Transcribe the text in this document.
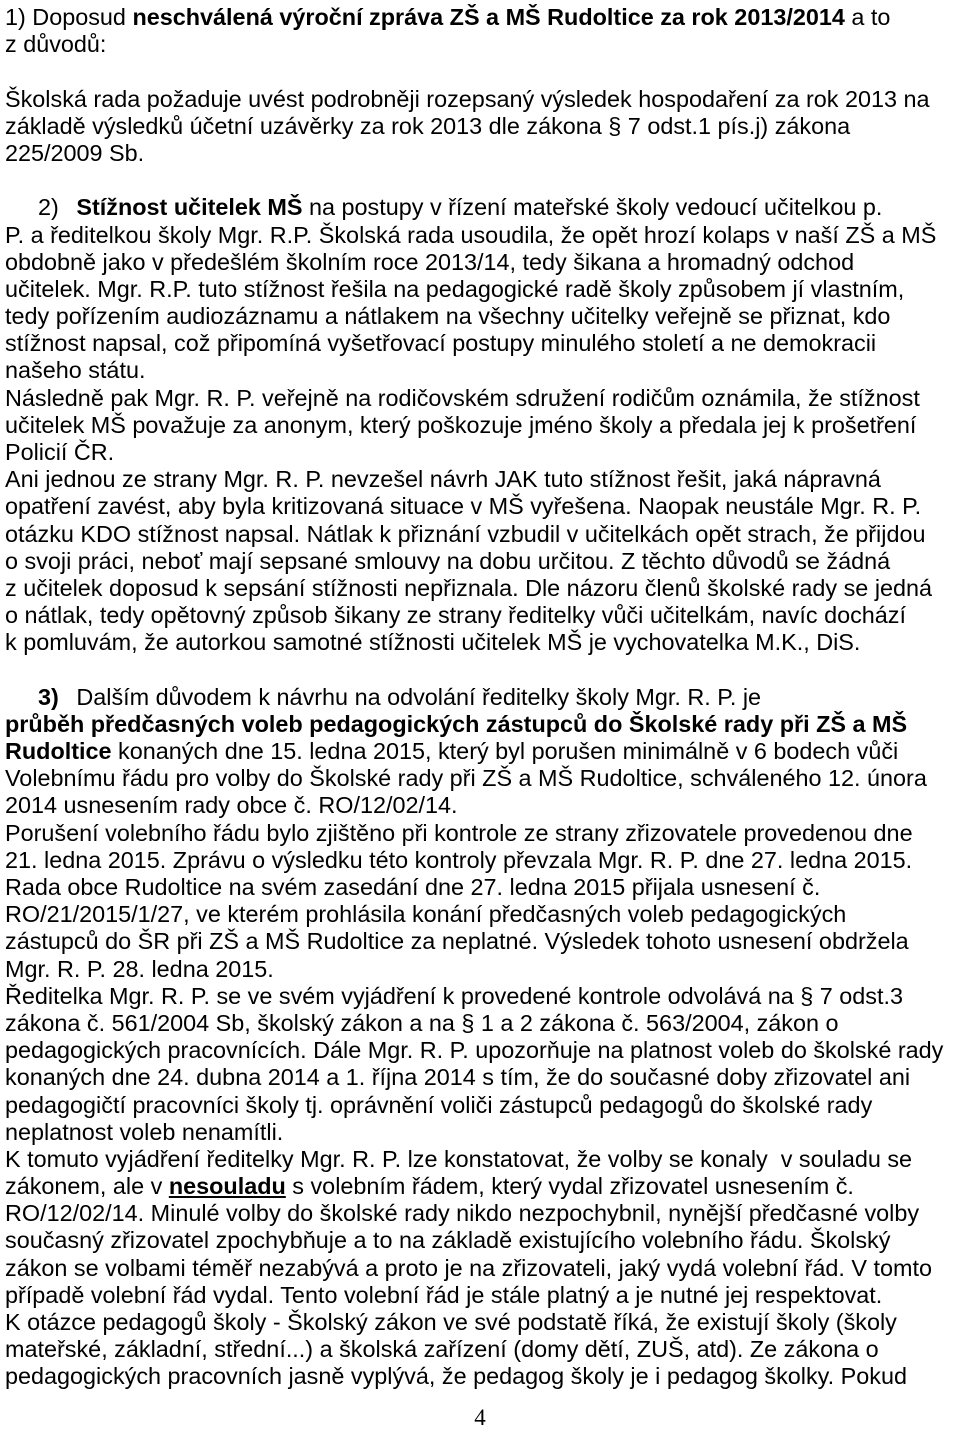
1) Doposud neschválená výroční zpráva ZŠ a MŠ Rudoltice za rok 2013/2014 a to
z důvodů:
Školská rada požaduje uvést podrobněji rozepsaný výsledek hospodaření za rok 2013 na
základě výsledků účetní uzávěrky za rok 2013 dle zákona § 7 odst.1 pís.j) zákona
225/2009 Sb.
2) Stížnost učitelek MŠ na postupy v řízení mateřské školy vedoucí učitelkou p.
P. a ředitelkou školy Mgr. R.P. Školská rada usoudila, že opět hrozí kolaps v naší ZŠ a MŠ
obdobně jako v předešlém školním roce 2013/14, tedy šikana a hromadný odchod
učitelek. Mgr. R.P. tuto stížnost řešila na pedagogické radě školy způsobem jí vlastním,
tedy pořízením audiozáznamu a nátlakem na všechny učitelky veřejně se přiznat, kdo
stížnost napsal, což připomíná vyšetřovací postupy minulého století a ne demokracii
našeho státu.
Následně pak Mgr. R. P. veřejně na rodičovském sdružení rodičům oznámila, že stížnost
učitelek MŠ považuje za anonym, který poškozuje jméno školy a předala jej k prošetření
Policií ČR.
Ani jednou ze strany Mgr. R. P. nevzešel návrh JAK tuto stížnost řešit, jaká nápravná
opatření zavést, aby byla kritizovaná situace v MŠ vyřešena. Naopak neustále Mgr. R. P.
otázku KDO stížnost napsal. Nátlak k přiznání vzbudil v učitelkách opět strach, že přijdou
o svoji práci, neboť mají sepsané smlouvy na dobu určitou. Z těchto důvodů se žádná
z učitelek doposud k sepsání stížnosti nepřiznala. Dle názoru členů školské rady se jedná
o nátlak, tedy opětovný způsob šikany ze strany ředitelky vůči učitelkám, navíc dochází
k pomluvám, že autorkou samotné stížnosti učitelek MŠ je vychovatelka M.K., DiS.
3) Dalším důvodem k návrhu na odvolání ředitelky školy Mgr. R. P. je
průběh předčasných voleb pedagogických zástupců do Školské rady při ZŠ a MŠ
Rudoltice konaných dne 15. ledna 2015, který byl porušen minimálně v 6 bodech vůči
Volebnímu řádu pro volby do Školské rady při ZŠ a MŠ Rudoltice, schváleného 12. února
2014 usnesením rady obce č. RO/12/02/14.
Porušení volebního řádu bylo zjištěno při kontrole ze strany zřizovatele provedenou dne
21. ledna 2015. Zprávu o výsledku této kontroly převzala Mgr. R. P. dne 27. ledna 2015.
Rada obce Rudoltice na svém zasedání dne 27. ledna 2015 přijala usnesení č.
RO/21/2015/1/27, ve kterém prohlásila konání předčasných voleb pedagogických
zástupců do ŠR při ZŠ a MŠ Rudoltice za neplatné. Výsledek tohoto usnesení obdržela
Mgr. R. P. 28. ledna 2015.
Ředitelka Mgr. R. P. se ve svém vyjádření k provedené kontrole odvolává na § 7 odst.3
zákona č. 561/2004 Sb, školský zákon a na § 1 a 2 zákona č. 563/2004, zákon o
pedagogických pracovnících. Dále Mgr. R. P. upozorňuje na platnost voleb do školské rady
konaných dne 24. dubna 2014 a 1. října 2014 s tím, že do současné doby zřizovatel ani
pedagogičtí pracovníci školy tj. oprávnění voliči zástupců pedagogů do školské rady
neplatnost voleb nenamítli.
K tomuto vyjádření ředitelky Mgr. R. P. lze konstatovat, že volby se konaly  v souladu se
zákonem, ale v nesouladu s volebním řádem, který vydal zřizovatel usnesením č.
RO/12/02/14. Minulé volby do školské rady nikdo nezpochybnil, nynější předčasné volby
současný zřizovatel zpochybňuje a to na základě existujícího volebního řádu. Školský
zákon se volbami téměř nezabývá a proto je na zřizovateli, jaký vydá volební řád. V tomto
případě volební řád vydal. Tento volební řád je stále platný a je nutné jej respektovat.
K otázce pedagogů školy - Školský zákon ve své podstatě říká, že existují školy (školy
mateřské, základní, střední...) a školská zařízení (domy dětí, ZUŠ, atd). Ze zákona o
pedagogických pracovních jasně vyplývá, že pedagog školy je i pedagog školky. Pokud
4
